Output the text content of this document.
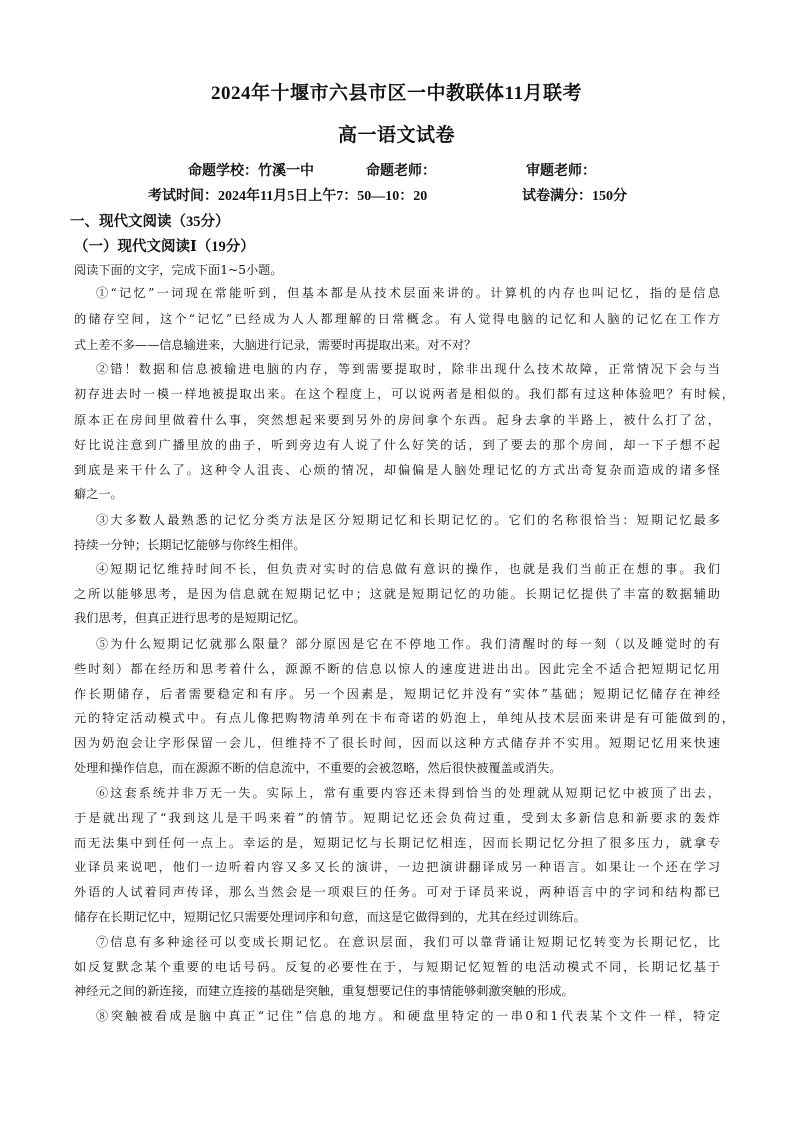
2024年十堰市六县市区一中教联体11月联考
高一语文试卷
命题学校：竹溪一中	命题老师：	审题老师：
考试时间：2024年11月5日上午7：50—10：20	试卷满分：150分
一、现代文阅读（35分）
（一）现代文阅读Ⅰ（19分）
阅读下面的文字，完成下面1~5小题。
①“记忆”一词现在常能听到，但基本都是从技术层面来讲的。计算机的内存也叫记忆，指的是信息
的储存空间，这个“记忆”已经成为人人都理解的日常概念。有人觉得电脑的记忆和人脑的记忆在工作方
式上差不多——信息输进来，大脑进行记录，需要时再提取出来。对不对？
②错！数据和信息被输进电脑的内存，等到需要提取时，除非出现什么技术故障，正常情况下会与当
初存进去时一模一样地被提取出来。在这个程度上，可以说两者是相似的。我们都有过这种体验吧？有时候，
原本正在房间里做着什么事，突然想起来要到另外的房间拿个东西。起身去拿的半路上，被什么打了岔，
好比说注意到广播里放的曲子，听到旁边有人说了什么好笑的话，到了要去的那个房间，却一下子想不起
到底是来干什么了。这种令人沮丧、心烦的情况，却偏偏是人脑处理记忆的方式出奇复杂而造成的诸多怪
癖之一。
③大多数人最熟悉的记忆分类方法是区分短期记忆和长期记忆的。它们的名称很恰当：短期记忆最多
持续一分钟；长期记忆能够与你终生相伴。
④短期记忆维持时间不长，但负责对实时的信息做有意识的操作，也就是我们当前正在想的事。我们
之所以能够思考，是因为信息就在短期记忆中；这就是短期记忆的功能。长期记忆提供了丰富的数据辅助
我们思考，但真正进行思考的是短期记忆。
⑤为什么短期记忆就那么限量？部分原因是它在不停地工作。我们清醒时的每一刻（以及睡觉时的有
些时刻）都在经历和思考着什么，源源不断的信息以惊人的速度进进出出。因此完全不适合把短期记忆用
作长期储存，后者需要稳定和有序。另一个因素是，短期记忆并没有“实体”基础；短期记忆储存在神经
元的特定活动模式中。有点儿像把购物清单列在卡布奇诺的奶泡上，单纯从技术层面来讲是有可能做到的，
因为奶泡会让字形保留一会儿，但维持不了很长时间，因而以这种方式储存并不实用。短期记忆用来快速
处理和操作信息，而在源源不断的信息流中，不重要的会被忽略，然后很快被覆盖或消失。
⑥这套系统并非万无一失。实际上，常有重要内容还未得到恰当的处理就从短期记忆中被顶了出去，
于是就出现了“我到这儿是干吗来着”的情节。短期记忆还会负荷过重，受到太多新信息和新要求的轰炸
而无法集中到任何一点上。幸运的是，短期记忆与长期记忆相连，因而长期记忆分担了很多压力，就拿专
业译员来说吧，他们一边听着内容又多又长的演讲，一边把演讲翻译成另一种语言。如果让一个还在学习
外语的人试着同声传译，那么当然会是一项艰巨的任务。可对于译员来说，两种语言中的字词和结构都已
储存在长期记忆中，短期记忆只需要处理词序和句意，而这是它做得到的，尤其在经过训练后。
⑦信息有多种途径可以变成长期记忆。在意识层面，我们可以靠背诵让短期记忆转变为长期记忆，比
如反复默念某个重要的电话号码。反复的必要性在于，与短期记忆短暂的电活动模式不同，长期记忆基于
神经元之间的新连接，而建立连接的基础是突触，重复想要记住的事情能够刺激突触的形成。
⑧突触被看成是脑中真正“记住”信息的地方。和硬盘里特定的一串0和1代表某个文件一样，特定
